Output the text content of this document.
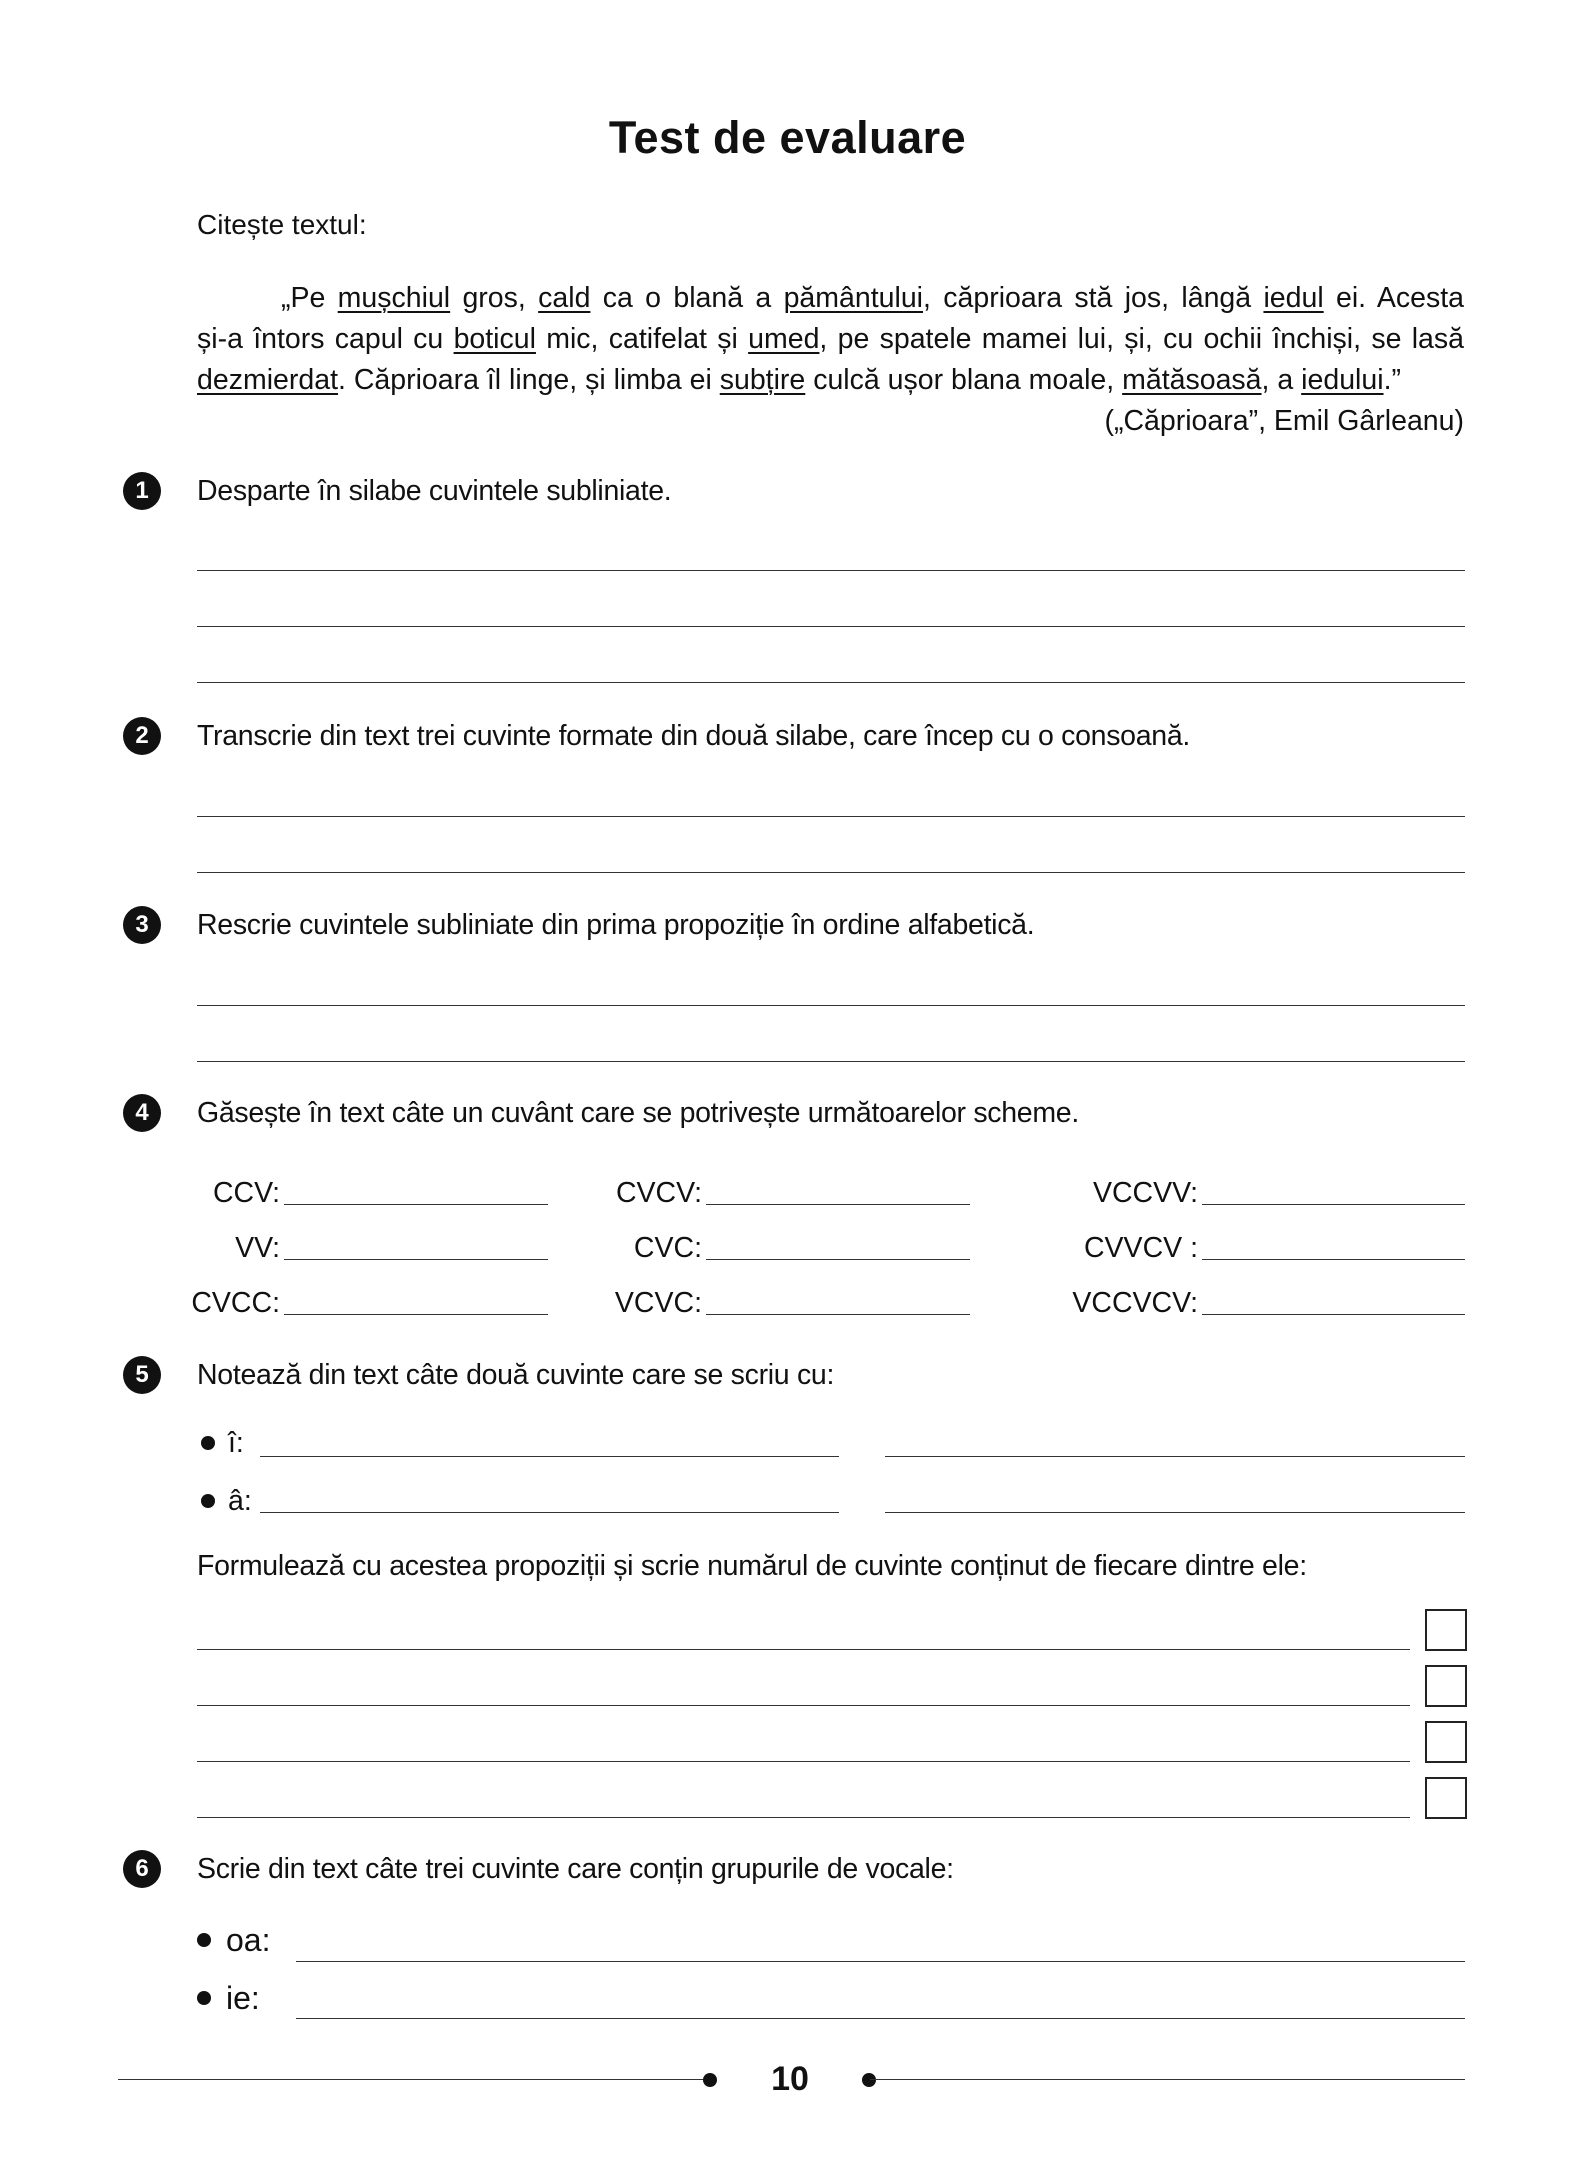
Test de evaluare
Citește textul:
„Pe mușchiul gros, cald ca o blană a pământului, căprioara stă jos, lângă iedul ei. Acesta
și-a întors capul cu boticul mic, catifelat și umed, pe spatele mamei lui, și, cu ochii închiși, se lasă
dezmierdat. Căprioara îl linge, și limba ei subțire culcă ușor blana moale, mătăsoasă, a iedului.”
(„Căprioara”, Emil Gârleanu)
1	Desparte în silabe cuvintele subliniate.
2	Transcrie din text trei cuvinte formate din două silabe, care încep cu o consoană.
3	Rescrie cuvintele subliniate din prima propoziție în ordine alfabetică.
4	Găsește în text câte un cuvânt care se potrivește următoarelor scheme.
CCV:	CVCV:	VCCVV:
VV:	CVC:	CVVCV :
CVCC:	VCVC:	VCCVCV:
5	Notează din text câte două cuvinte care se scriu cu:
î:
â:
Formulează cu acestea propoziții și scrie numărul de cuvinte conținut de fiecare dintre ele:
6	Scrie din text câte trei cuvinte care conțin grupurile de vocale:
oa:
ie:
10
